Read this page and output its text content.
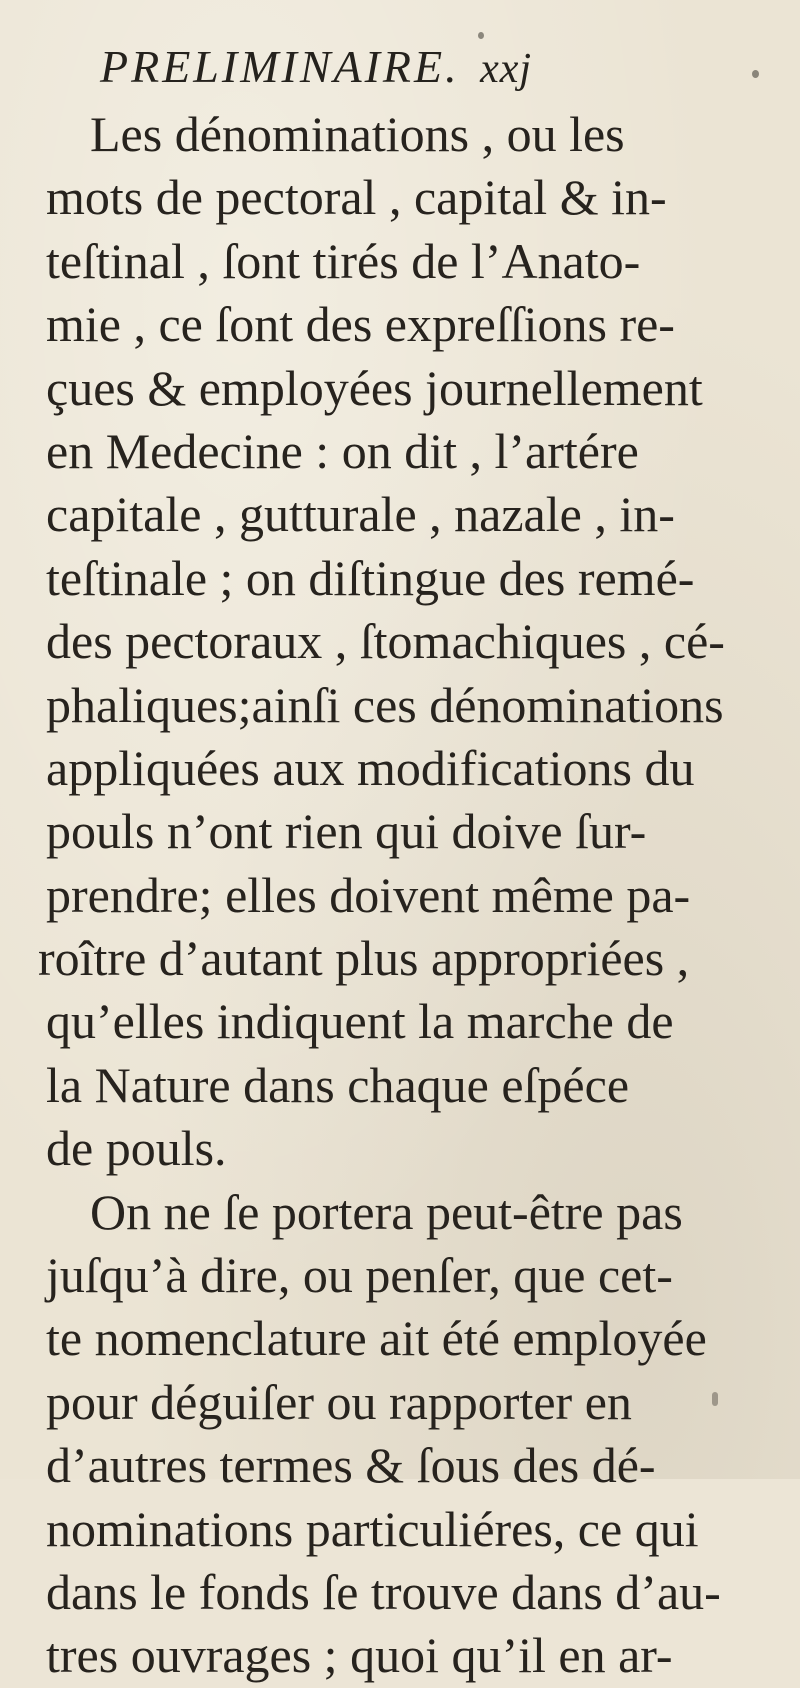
PRELIMINAIRE. xxj
Les dénominations , ou les
mots de pectoral , capital & in-
teſtinal , ſont tirés de l’Anato-
mie , ce ſont des expreſſions re-
çues & employées journellement
en Medecine : on dit , l’artére
capitale , gutturale , nazale , in-
teſtinale ; on diſtingue des remé-
des pectoraux , ſtomachiques , cé-
phaliques;ainſi ces dénominations
appliquées aux modifications du
pouls n’ont rien qui doive ſur-
prendre; elles doivent même pa-
roître d’autant plus appropriées ,
qu’elles indiquent la marche de
la Nature dans chaque eſpéce
de pouls.
On ne ſe portera peut-être pas
juſqu’à dire, ou penſer, que cet-
te nomenclature ait été employée
pour déguiſer ou rapporter en
d’autres termes & ſous des dé-
nominations particuliéres, ce qui
dans le fonds ſe trouve dans d’au-
tres ouvrages ; quoi qu’il en ar-
